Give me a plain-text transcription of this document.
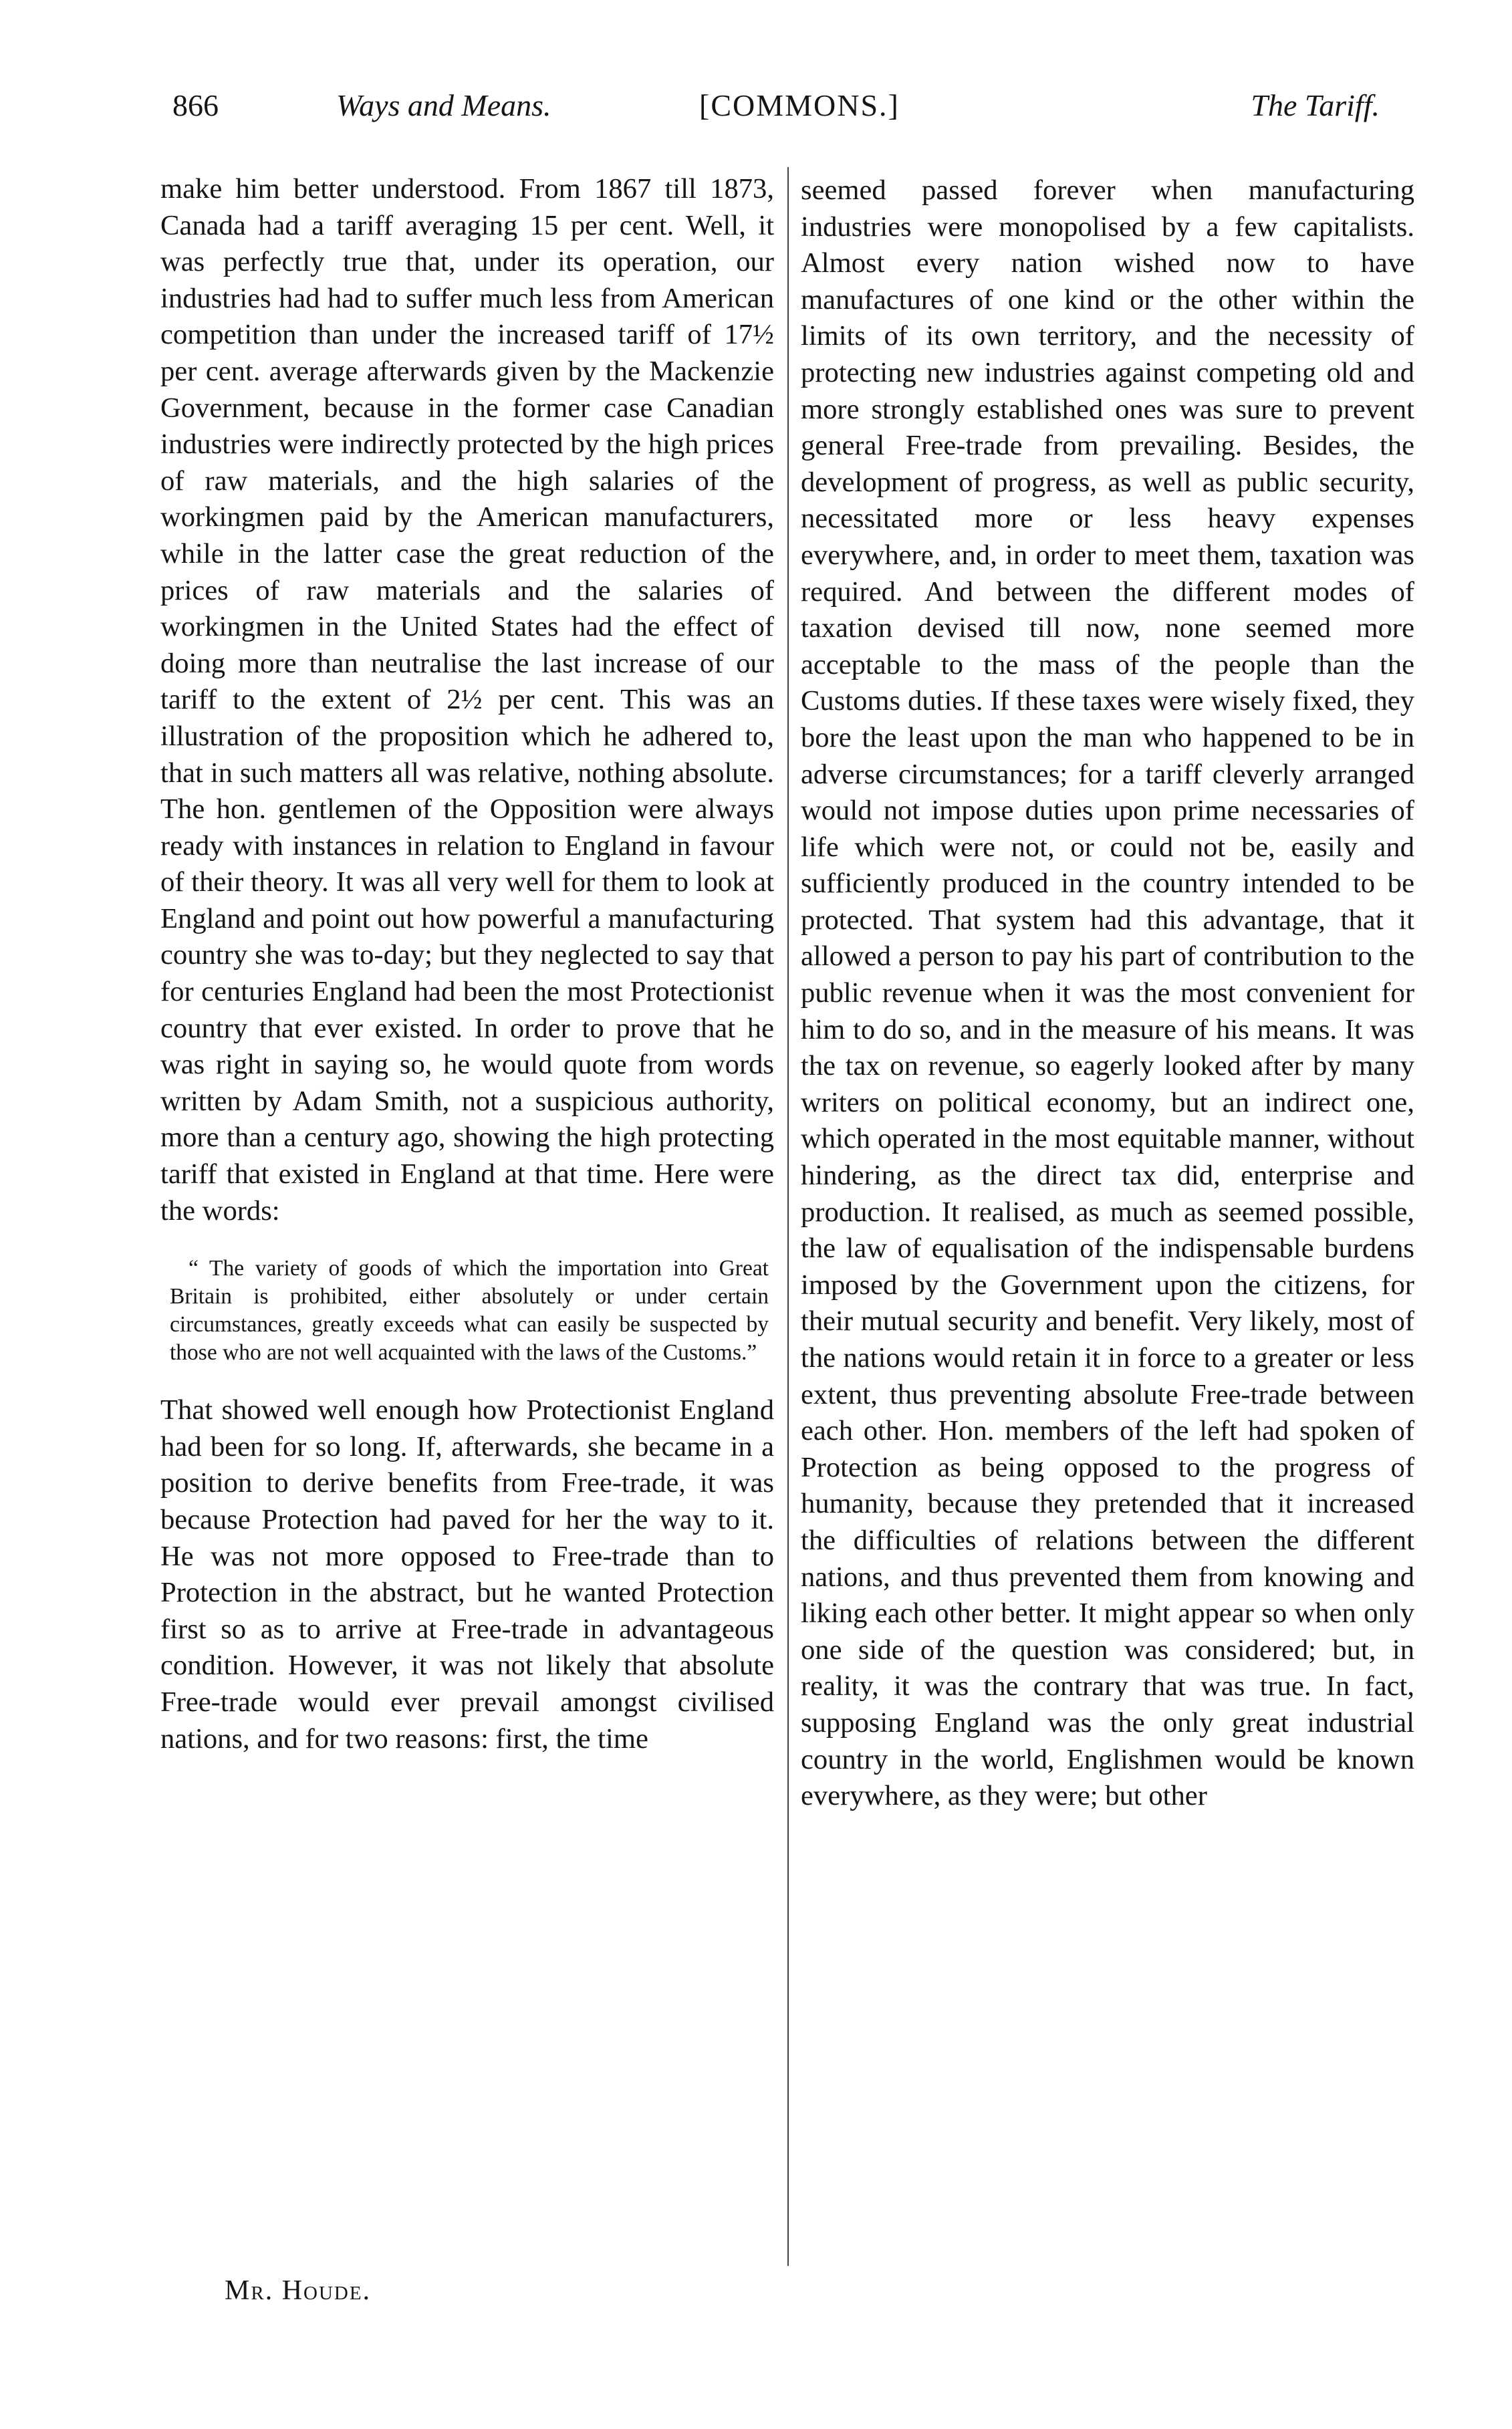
866	Ways and Means.	[COMMONS.]	The Tariff.

make him better understood. From 1867 till 1873, Canada had a tariff averaging 15 per cent. Well, it was perfectly true that, under its operation, our industries had had to suffer much less from American competition than under the increased tariff of 17½ per cent. average afterwards given by the Mackenzie Government, because in the former case Canadian industries were indirectly protected by the high prices of raw materials, and the high salaries of the workingmen paid by the American manufacturers, while in the latter case the great reduction of the prices of raw materials and the salaries of workingmen in the United States had the effect of doing more than neutralise the last increase of our tariff to the extent of 2½ per cent. This was an illustration of the proposition which he adhered to, that in such matters all was relative, nothing absolute. The hon. gentlemen of the Opposition were always ready with instances in relation to England in favour of their theory. It was all very well for them to look at England and point out how powerful a manufacturing country she was to-day; but they neglected to say that for centuries England had been the most Protectionist country that ever existed. In order to prove that he was right in saying so, he would quote from words written by Adam Smith, not a suspicious authority, more than a century ago, showing the high protecting tariff that existed in England at that time. Here were the words:

“ The variety of goods of which the importation into Great Britain is prohibited, either absolutely or under certain circumstances, greatly exceeds what can easily be suspected by those who are not well acquainted with the laws of the Customs.”

That showed well enough how Protectionist England had been for so long. If, afterwards, she became in a position to derive benefits from Free-trade, it was because Protection had paved for her the way to it. He was not more opposed to Free-trade than to Protection in the abstract, but he wanted Protection first so as to arrive at Free-trade in advantageous condition. However, it was not likely that absolute Free-trade would ever prevail amongst civilised nations, and for two reasons: first, the time

seemed passed forever when manufacturing industries were monopolised by a few capitalists. Almost every nation wished now to have manufactures of one kind or the other within the limits of its own territory, and the necessity of protecting new industries against competing old and more strongly established ones was sure to prevent general Free-trade from prevailing. Besides, the development of progress, as well as public security, necessitated more or less heavy expenses everywhere, and, in order to meet them, taxation was required. And between the different modes of taxation devised till now, none seemed more acceptable to the mass of the people than the Customs duties. If these taxes were wisely fixed, they bore the least upon the man who happened to be in adverse circumstances; for a tariff cleverly arranged would not impose duties upon prime necessaries of life which were not, or could not be, easily and sufficiently produced in the country intended to be protected. That system had this advantage, that it allowed a person to pay his part of contribution to the public revenue when it was the most convenient for him to do so, and in the measure of his means. It was the tax on revenue, so eagerly looked after by many writers on political economy, but an indirect one, which operated in the most equitable manner, without hindering, as the direct tax did, enterprise and production. It realised, as much as seemed possible, the law of equalisation of the indispensable burdens imposed by the Government upon the citizens, for their mutual security and benefit. Very likely, most of the nations would retain it in force to a greater or less extent, thus preventing absolute Free-trade between each other. Hon. members of the left had spoken of Protection as being opposed to the progress of humanity, because they pretended that it increased the difficulties of relations between the different nations, and thus prevented them from knowing and liking each other better. It might appear so when only one side of the question was considered; but, in reality, it was the contrary that was true. In fact, supposing England was the only great industrial country in the world, Englishmen would be known everywhere, as they were; but other

Mr. Houde.
